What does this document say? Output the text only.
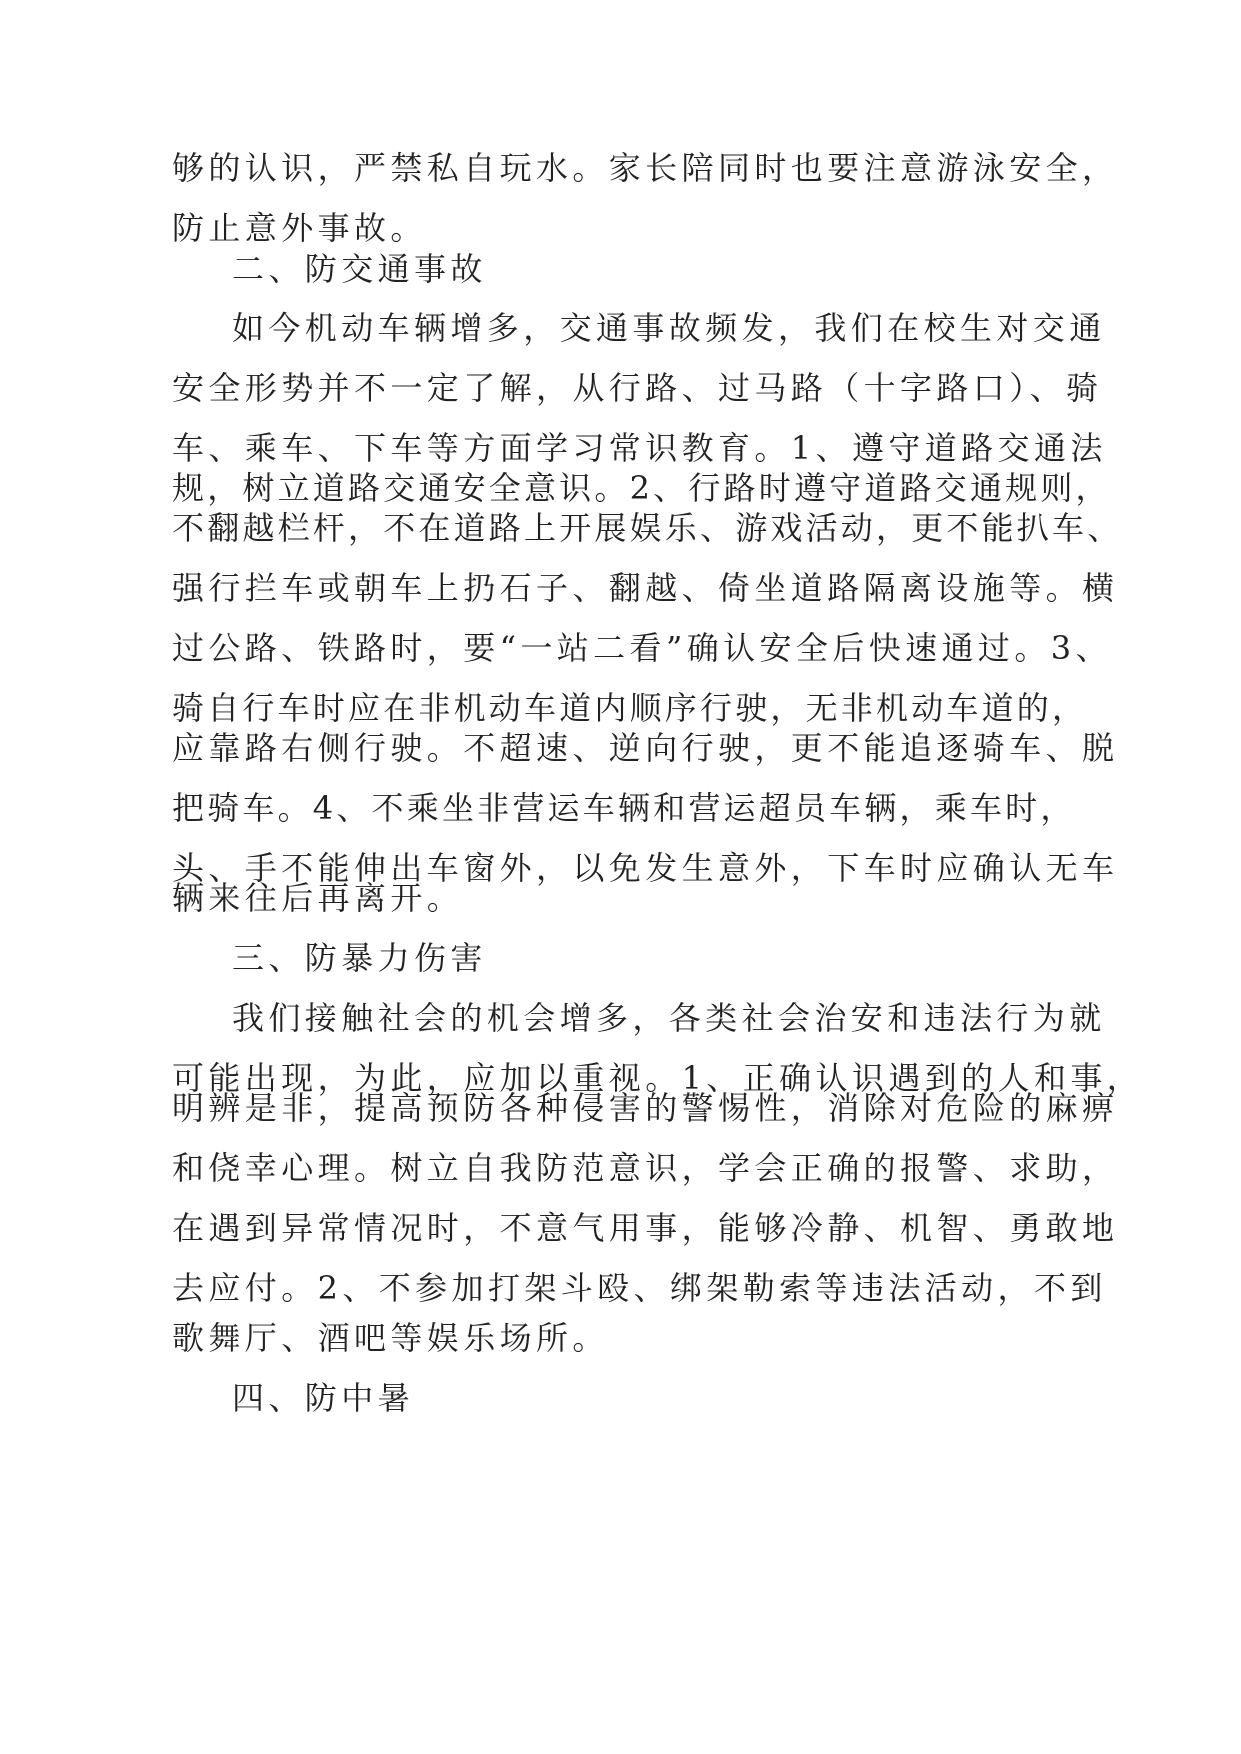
够的认识，严禁私自玩水。家长陪同时也要注意游泳安全，
防止意外事故。
二、防交通事故
如今机动车辆增多，交通事故频发，我们在校生对交通
安全形势并不一定了解，从行路、过马路（十字路口）、骑
车、乘车、下车等方面学习常识教育。1、遵守道路交通法
规，树立道路交通安全意识。2、行路时遵守道路交通规则，
不翻越栏杆，不在道路上开展娱乐、游戏活动，更不能扒车、
强行拦车或朝车上扔石子、翻越、倚坐道路隔离设施等。横
过公路、铁路时，要“一站二看”确认安全后快速通过。3、
骑自行车时应在非机动车道内顺序行驶，无非机动车道的，
应靠路右侧行驶。不超速、逆向行驶，更不能追逐骑车、脱
把骑车。4、不乘坐非营运车辆和营运超员车辆，乘车时，
头、手不能伸出车窗外，以免发生意外，下车时应确认无车
辆来往后再离开。
三、防暴力伤害
我们接触社会的机会增多，各类社会治安和违法行为就
可能出现，为此，应加以重视。1、正确认识遇到的人和事，
明辨是非，提高预防各种侵害的警惕性，消除对危险的麻痹
和侥幸心理。树立自我防范意识，学会正确的报警、求助，
在遇到异常情况时，不意气用事，能够冷静、机智、勇敢地
去应付。2、不参加打架斗殴、绑架勒索等违法活动，不到
歌舞厅、酒吧等娱乐场所。
四、防中暑
